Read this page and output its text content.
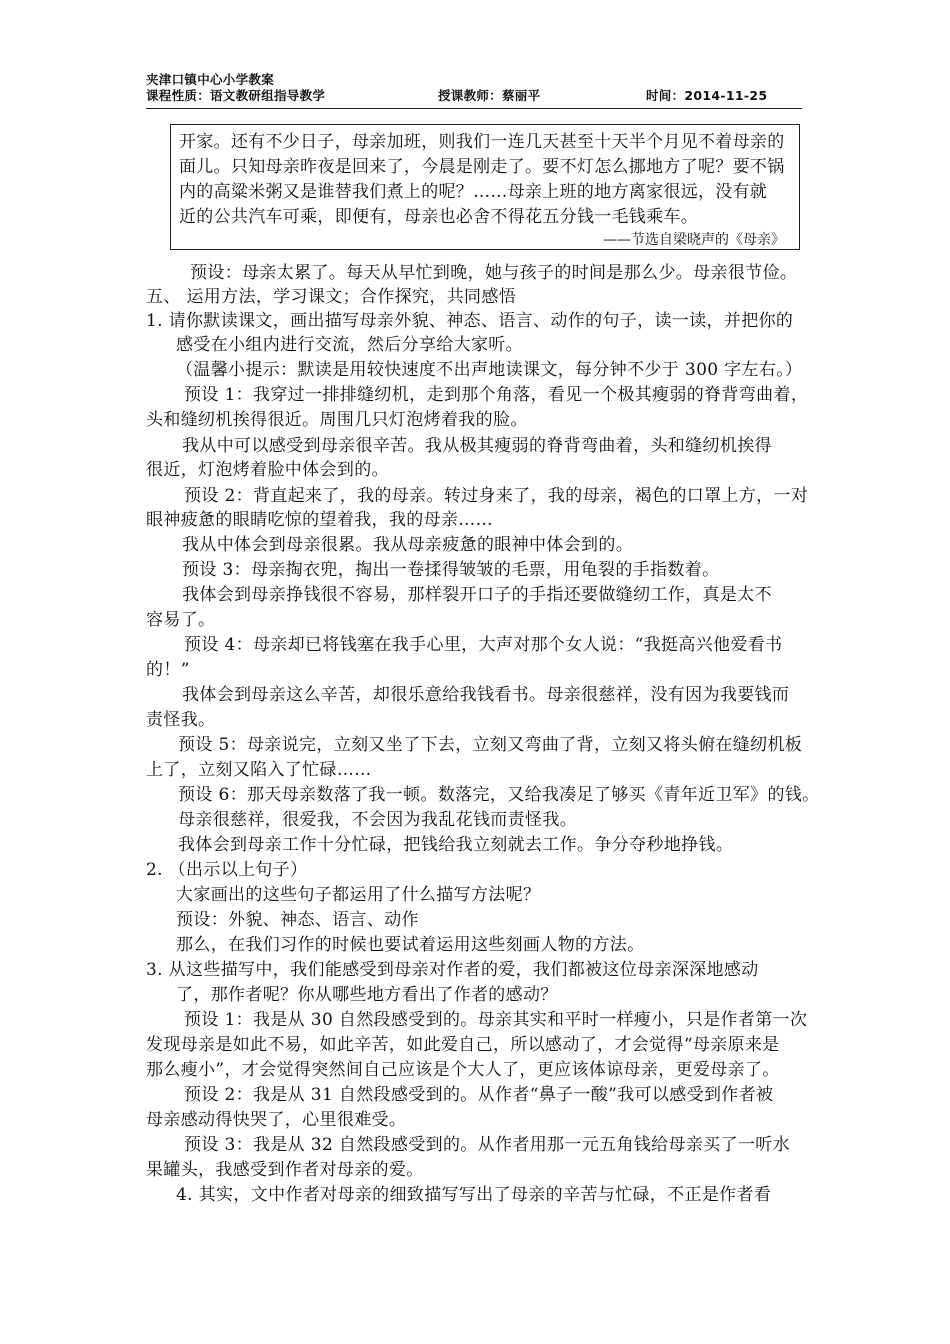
夹津口镇中心小学教案
课程性质：语文教研组指导教学	授课教师：蔡丽平	时间：2014-11-25
开家。还有不少日子，母亲加班，则我们一连几天甚至十天半个月见不着母亲的
面儿。只知母亲昨夜是回来了，今晨是刚走了。要不灯怎么挪地方了呢？要不锅
内的高粱米粥又是谁替我们煮上的呢？……母亲上班的地方离家很远，没有就
近的公共汽车可乘，即便有，母亲也必舍不得花五分钱一毛钱乘车。
——节选自梁晓声的《母亲》
预设：母亲太累了。每天从早忙到晚，她与孩子的时间是那么少。母亲很节俭。
五、 运用方法，学习课文；合作探究，共同感悟
1. 请你默读课文，画出描写母亲外貌、神态、语言、动作的句子，读一读，并把你的
感受在小组内进行交流，然后分享给大家听。
（温馨小提示：默读是用较快速度不出声地读课文，每分钟不少于 300 字左右。）
预设 1：我穿过一排排缝纫机，走到那个角落，看见一个极其瘦弱的脊背弯曲着，
头和缝纫机挨得很近。周围几只灯泡烤着我的脸。
我从中可以感受到母亲很辛苦。我从极其瘦弱的脊背弯曲着，头和缝纫机挨得
很近，灯泡烤着脸中体会到的。
预设 2：背直起来了，我的母亲。转过身来了，我的母亲，褐色的口罩上方，一对
眼神疲惫的眼睛吃惊的望着我，我的母亲……
我从中体会到母亲很累。我从母亲疲惫的眼神中体会到的。
预设 3：母亲掏衣兜，掏出一卷揉得皱皱的毛票，用龟裂的手指数着。
我体会到母亲挣钱很不容易，那样裂开口子的手指还要做缝纫工作，真是太不
容易了。
预设 4：母亲却已将钱塞在我手心里，大声对那个女人说：“我挺高兴他爱看书
的！”
我体会到母亲这么辛苦，却很乐意给我钱看书。母亲很慈祥，没有因为我要钱而
责怪我。
预设 5：母亲说完，立刻又坐了下去，立刻又弯曲了背，立刻又将头俯在缝纫机板
上了，立刻又陷入了忙碌……
预设 6：那天母亲数落了我一顿。数落完，又给我凑足了够买《青年近卫军》的钱。
母亲很慈祥，很爱我，不会因为我乱花钱而责怪我。
我体会到母亲工作十分忙碌，把钱给我立刻就去工作。争分夺秒地挣钱。
2. （出示以上句子）
大家画出的这些句子都运用了什么描写方法呢？
预设：外貌、神态、语言、动作
那么，在我们习作的时候也要试着运用这些刻画人物的方法。
3. 从这些描写中，我们能感受到母亲对作者的爱，我们都被这位母亲深深地感动
了，那作者呢？你从哪些地方看出了作者的感动？
预设 1：我是从 30 自然段感受到的。母亲其实和平时一样瘦小，只是作者第一次
发现母亲是如此不易，如此辛苦，如此爱自己，所以感动了，才会觉得“母亲原来是
那么瘦小”，才会觉得突然间自己应该是个大人了，更应该体谅母亲，更爱母亲了。
预设 2：我是从 31 自然段感受到的。从作者“鼻子一酸”我可以感受到作者被
母亲感动得快哭了，心里很难受。
预设 3：我是从 32 自然段感受到的。从作者用那一元五角钱给母亲买了一听水
果罐头，我感受到作者对母亲的爱。
4. 其实，文中作者对母亲的细致描写写出了母亲的辛苦与忙碌，不正是作者看
